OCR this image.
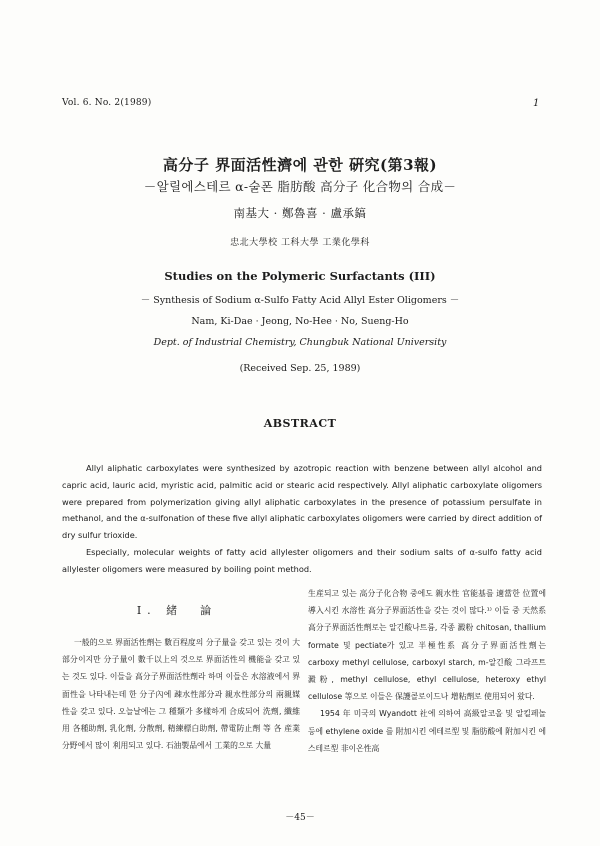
Vol. 6. No. 2(1989)	1
高分子 界面活性濟에 관한 硏究(第3報)
－알릴에스테르 α-술폰 脂肪酸 高分子 化合物의 合成－
南基大 · 鄭魯喜 · 盧承鎬
忠北大學校 工科大學 工業化學科
Studies on the Polymeric Surfactants (III)
－ Synthesis of Sodium α-Sulfo Fatty Acid Allyl Ester Oligomers －
Nam, Ki-Dae · Jeong, No-Hee · No, Sueng-Ho
Dept. of Industrial Chemistry, Chungbuk National University
(Received Sep. 25, 1989)
ABSTRACT

Allyl aliphatic carboxylates were synthesized by azotropic reaction with benzene between allyl alcohol and capric acid, lauric acid, myristic acid, palmitic acid or stearic acid respectively. Allyl aliphatic carboxylate oligomers were prepared from polymerization giving allyl aliphatic carboxylates in the presence of potassium persulfate in methanol, and the α-sulfonation of these five allyl aliphatic carboxylates oligomers were carried by direct addition of dry sulfur trioxide.

Especially, molecular weights of fatty acid allylester oligomers and their sodium salts of α-sulfo fatty acid allylester oligomers were measured by boiling point method.

I. 緒　論

一般的으로 界面活性劑는 數百程度의 分子量을 갖고 있는 것이 大部分이지만 分子量이 數千以上의 것으로 界面活性의 機能을 갖고 있는 것도 있다. 이들을 高分子界面活性劑라 하며 이들은 水溶液에서 界面性을 나타내는데 한 分子內에 疎水性部分과 親水性部分의 兩親媒性을 갖고 있다. 오늘날에는 그 種類가 多樣하게 合成되어 洗劑, 纖維用 各種助劑, 乳化劑, 分散劑, 精練標白助劑, 帶電防止劑 等 各 産業分野에서 많이 利用되고 있다. 石油製品에서 工業的으로 大量

生産되고 있는 高分子化合物 중에도 親水性 官能基를 適當한 位置에 導入시킨 水溶性 高分子界面活性을 갖는 것이 많다.¹⁾ 이들 중 天然系 高分子界面活性劑로는 알긴酸나트륨, 각종 澱粉 chitosan, thallium formate 및 pectiate가 있고 半極性系 高分子界面活性劑는 carboxy methyl cellulose, carboxyl starch, m-알긴酸 그라프트澱粉, methyl cellulose, ethyl cellulose, heteroxy ethyl cellulose 等으로 이들은 保護콜로이드나 增粘劑로 使用되어 왔다.

1954 年 미국의 Wyandott 社에 의하여 高級알코올 및 알킬페놀등에 ethylene oxide 를 附加시킨 에테르型 및 脂肪酸에 附加시킨 에스테르型 非이온性高

－45－
